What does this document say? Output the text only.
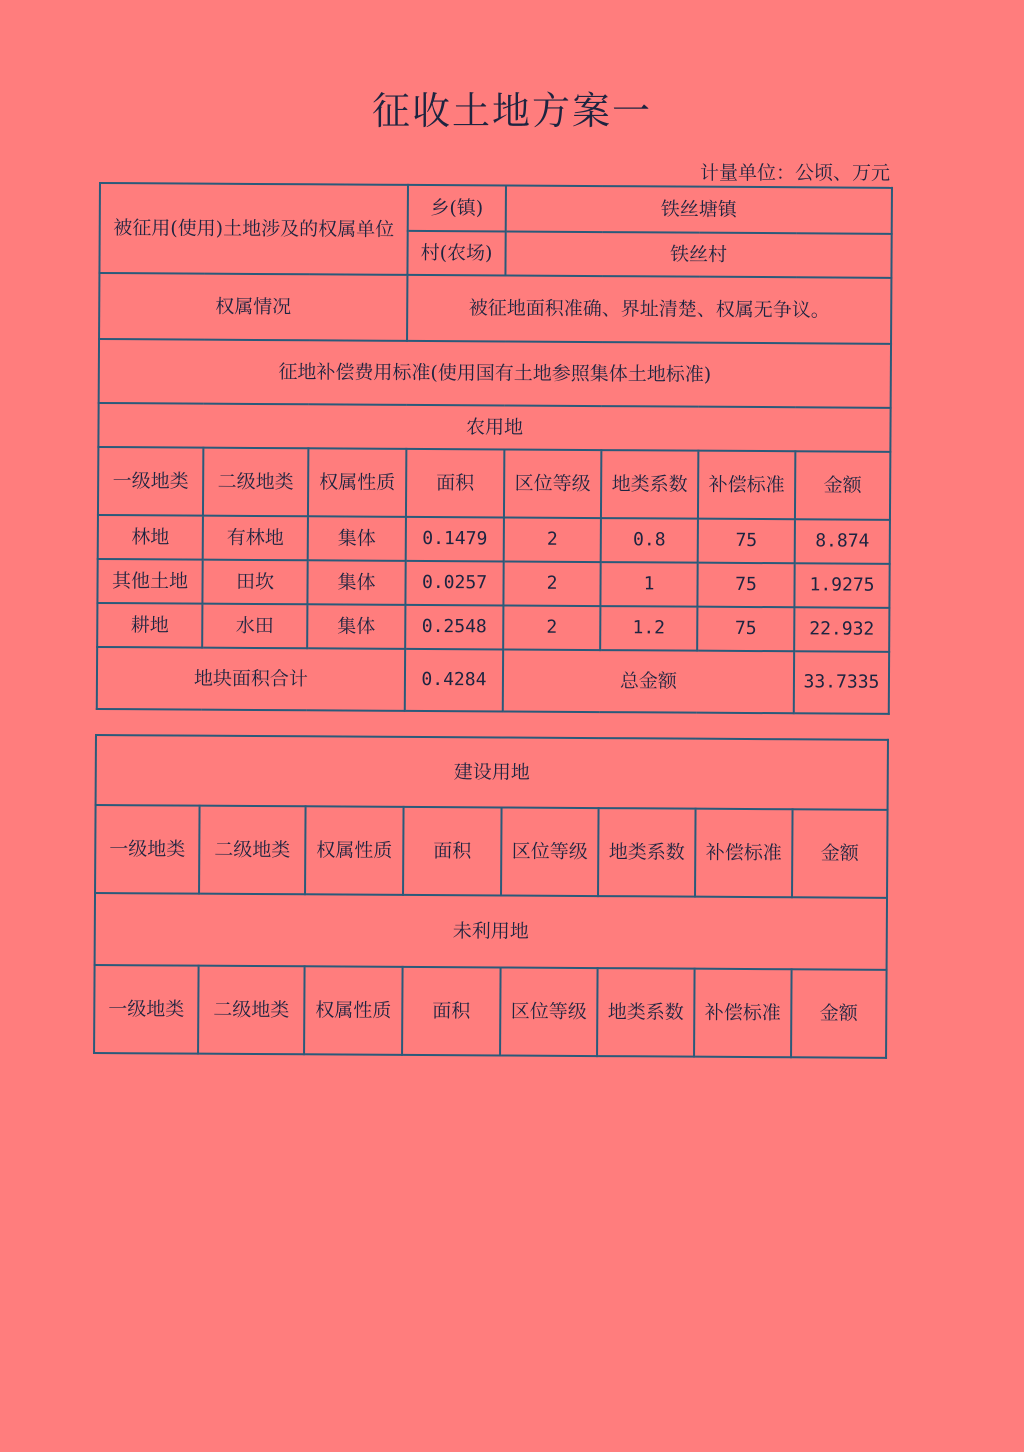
征收土地方案一
计量单位：公顷、万元
被征用(使用)土地涉及的权属单位			乡(镇)	铁丝塘镇			
			村(农场)	铁丝村			
权属情况			被征地面积准确、界址清楚、权属无争议。				
征地补偿费用标准(使用国有土地参照集体土地标准)							
农用地							
一级地类	二级地类	权属性质	面积	区位等级	地类系数	补偿标准	金额
林地	有林地	集体	0.1479	2	0.8	75	8.874
其他土地	田坎	集体	0.0257	2	1	75	1.9275
耕地	水田	集体	0.2548	2	1.2	75	22.932
地块面积合计			0.4284	总金额			33.7335
建设用地							
一级地类	二级地类	权属性质	面积	区位等级	地类系数	补偿标准	金额
未利用地							
一级地类	二级地类	权属性质	面积	区位等级	地类系数	补偿标准	金额
